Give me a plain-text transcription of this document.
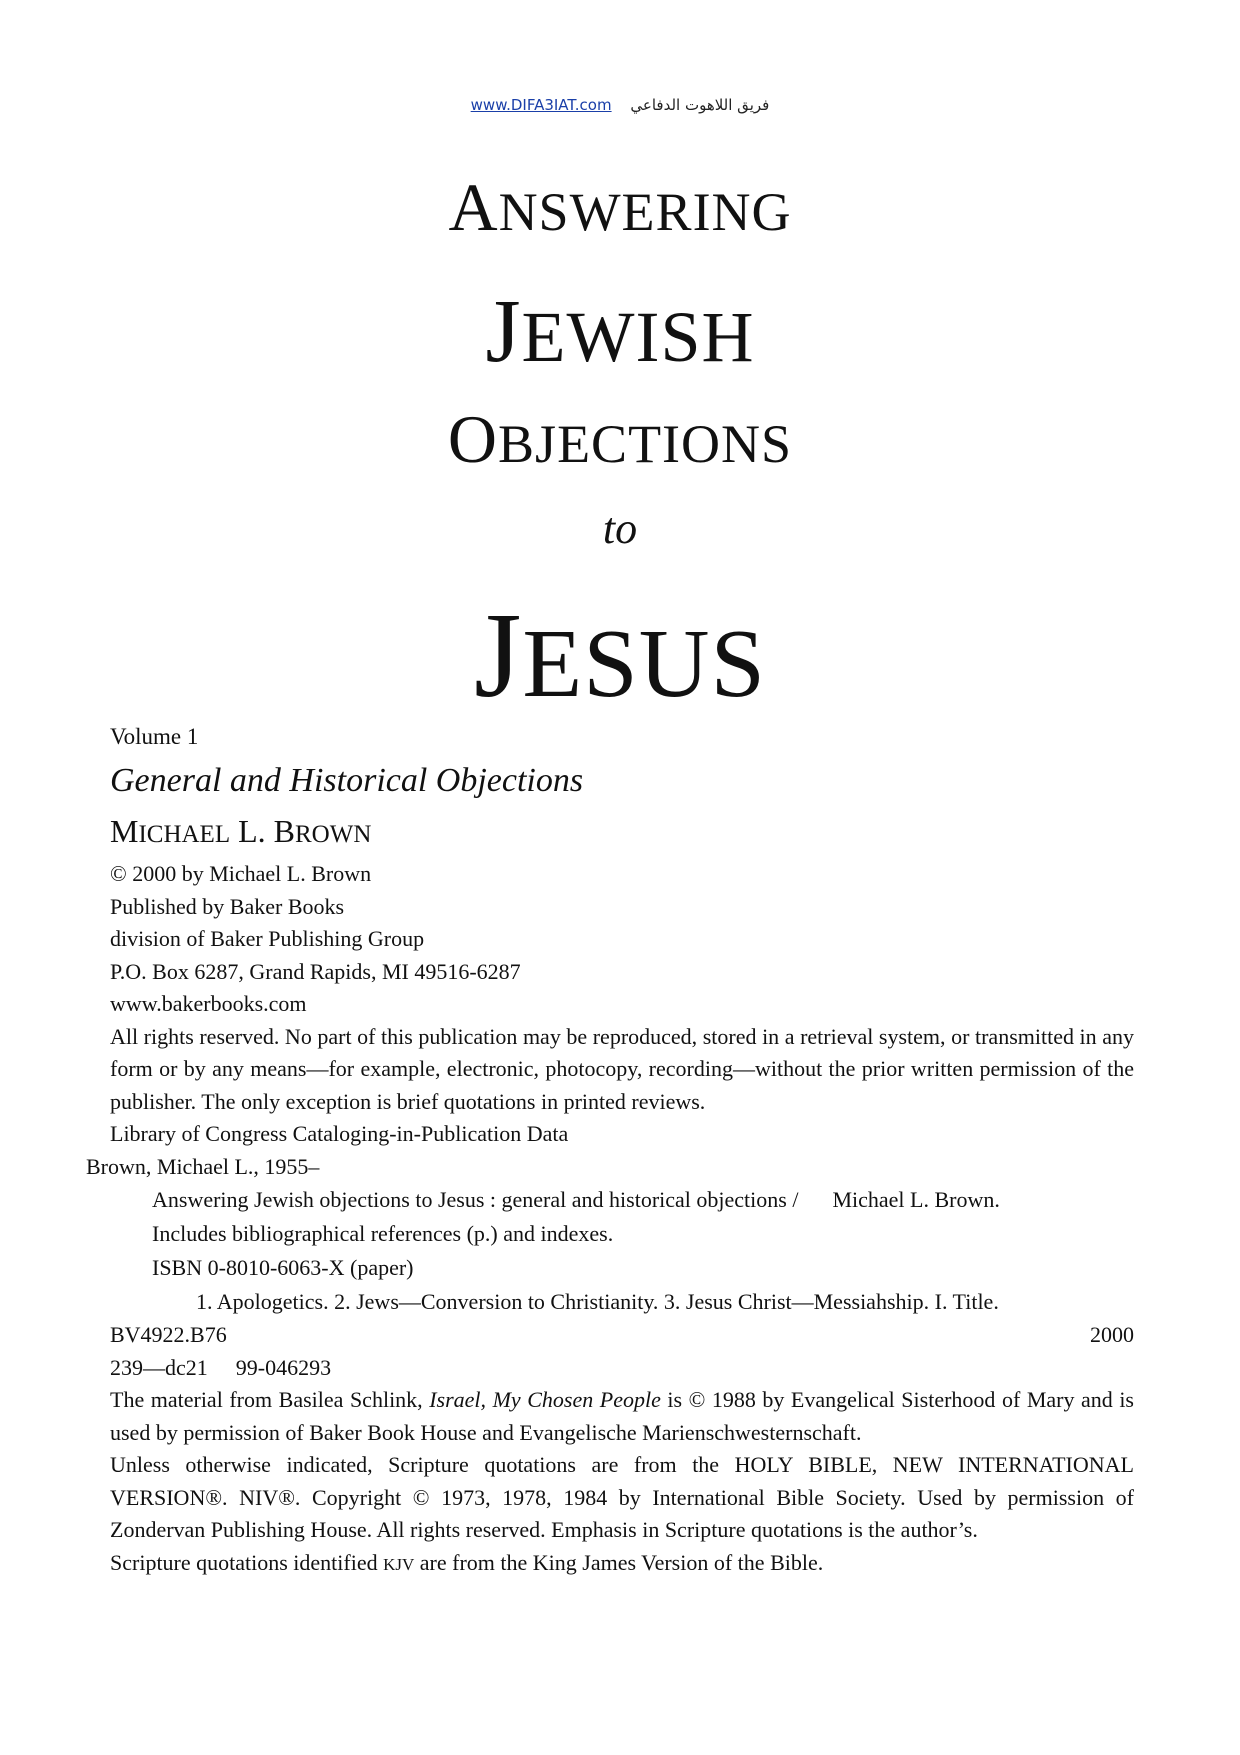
www.DIFA3IAT.com فريق اللاهوت الدفاعي
ANSWERING
JEWISH
OBJECTIONS
to
JESUS

Volume 1

General and Historical Objections

MICHAEL L. BROWN

© 2000 by Michael L. Brown

Published by Baker Books

division of Baker Publishing Group

P.O. Box 6287, Grand Rapids, MI 49516-6287

www.bakerbooks.com

All rights reserved. No part of this publication may be reproduced, stored in a retrieval system, or transmitted in any form or by any means—for example, electronic, photocopy, recording—without the prior written permission of the publisher. The only exception is brief quotations in printed reviews.

Library of Congress Cataloging-in-Publication Data

Brown, Michael L., 1955–

Answering Jewish objections to Jesus : general and historical objections / Michael L. Brown.

Includes bibliographical references (p.) and indexes.

ISBN 0-8010-6063-X (paper)

1. Apologetics. 2. Jews—Conversion to Christianity. 3. Jesus Christ—Messiahship. I. Title.

BV4922.B76	2000

239—dc21 99-046293

The material from Basilea Schlink, Israel, My Chosen People is © 1988 by Evangelical Sisterhood of Mary and is used by permission of Baker Book House and Evangelische Marienschwesternschaft.

Unless otherwise indicated, Scripture quotations are from the HOLY BIBLE, NEW INTERNATIONAL VERSION®. NIV®. Copyright © 1973, 1978, 1984 by International Bible Society. Used by permission of Zondervan Publishing House. All rights reserved. Emphasis in Scripture quotations is the author’s.

Scripture quotations identified KJV are from the King James Version of the Bible.
